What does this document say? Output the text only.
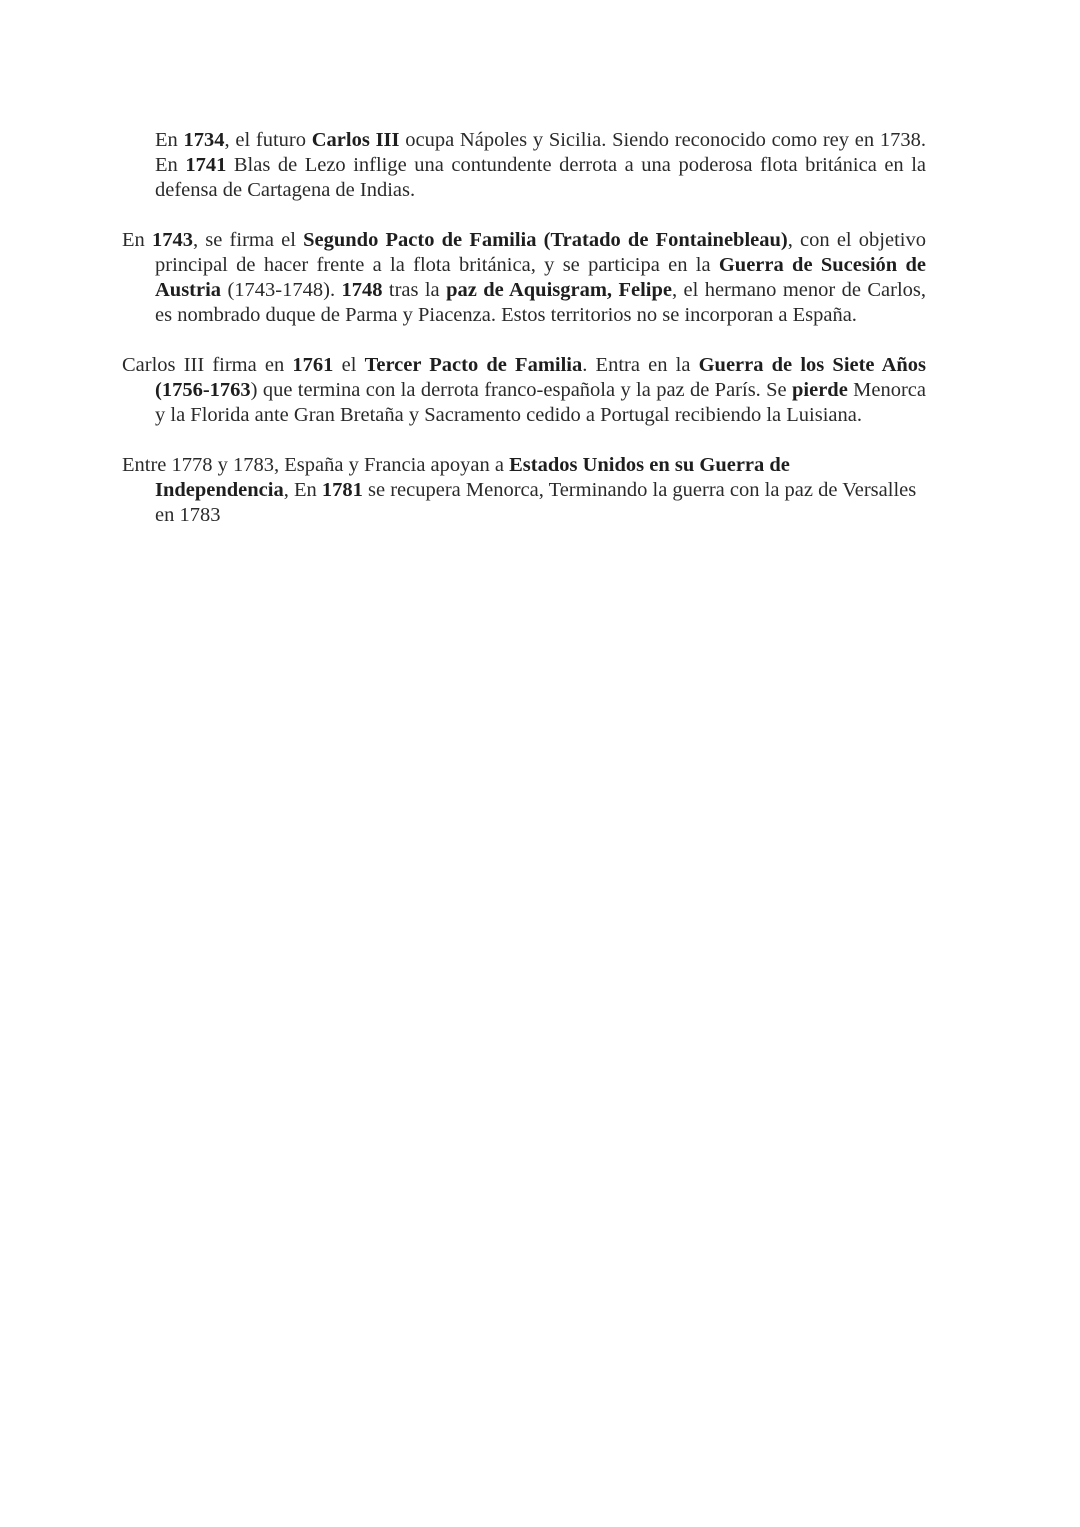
En 1734, el futuro Carlos III ocupa Nápoles y Sicilia. Siendo reconocido como rey en 1738. En 1741 Blas de Lezo inflige una contundente derrota a una poderosa flota británica en la defensa de Cartagena de Indias.

En 1743, se firma el Segundo Pacto de Familia (Tratado de Fontainebleau), con el objetivo principal de hacer frente a la flota británica, y se participa en la Guerra de Sucesión de Austria (1743-1748). 1748 tras la paz de Aquisgram, Felipe, el hermano menor de Carlos, es nombrado duque de Parma y Piacenza. Estos territorios no se incorporan a España.

Carlos III firma en 1761 el Tercer Pacto de Familia. Entra en la Guerra de los Siete Años (1756-1763) que termina con la derrota franco-española y la paz de París. Se pierde Menorca y la Florida ante Gran Bretaña y Sacramento cedido a Portugal recibiendo la Luisiana.

Entre 1778 y 1783, España y Francia apoyan a Estados Unidos en su Guerra de Independencia, En 1781 se recupera Menorca, Terminando la guerra con la paz de Versalles en 1783
